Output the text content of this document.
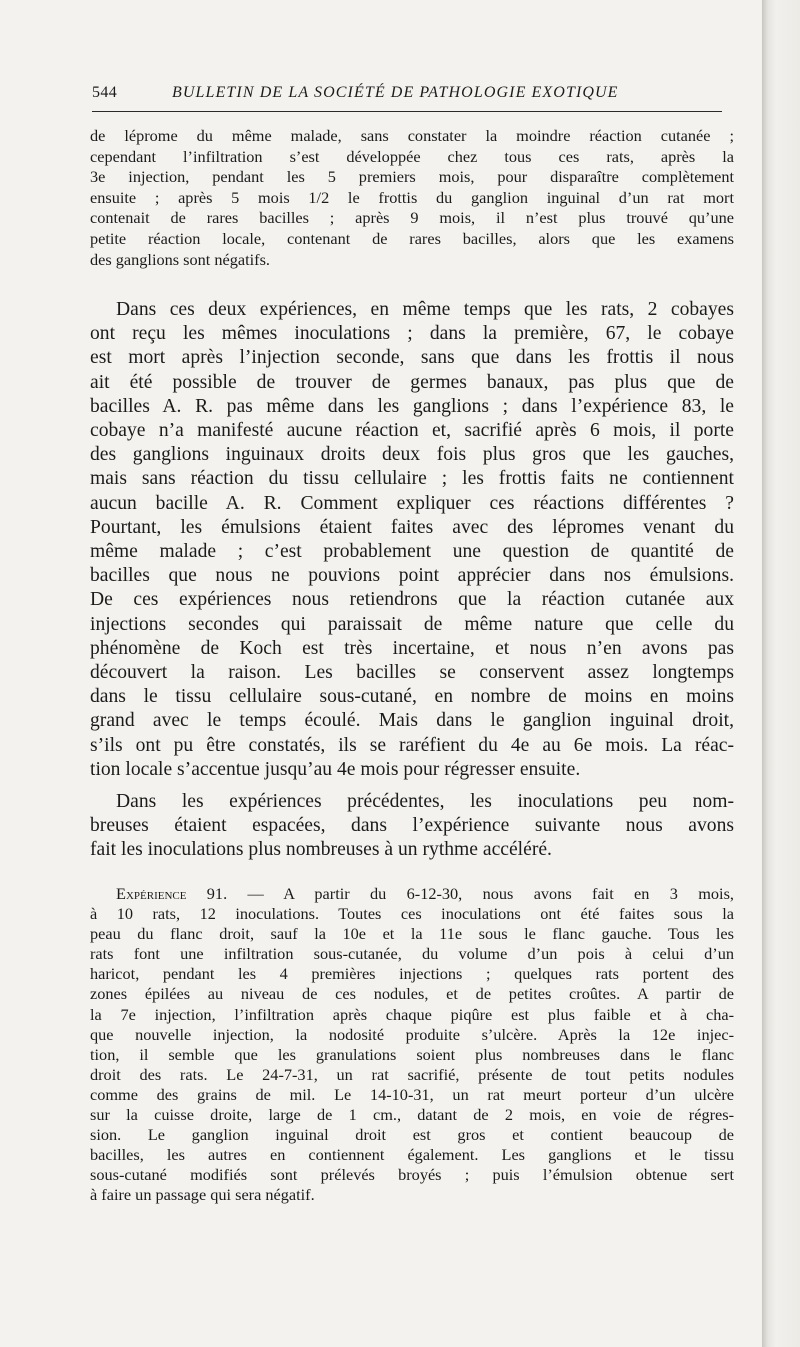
544	BULLETIN DE LA SOCIÉTÉ DE PATHOLOGIE EXOTIQUE
de lépromе du même malade, sans constater la moindre réaction cutanée ;
cependant l’infiltration s’est développée chez tous ces rats, après la
3e injection, pendant les 5 premiers mois, pour disparaître complètement
ensuite ; après 5 mois 1/2 le frottis du ganglion inguinal d’un rat mort
contenait de rares bacilles ; après 9 mois, il n’est plus trouvé qu’une
petite réaction locale, contenant de rares bacilles, alors que les examens
des ganglions sont négatifs.
Dans ces deux expériences, en même temps que les rats, 2 cobayes
ont reçu les mêmes inoculations ; dans la première, 67, le cobaye
est mort après l’injection seconde, sans que dans les frottis il nous
ait été possible de trouver de germes banaux, pas plus que de
bacilles A. R. pas même dans les ganglions ; dans l’expérience 83, le
cobaye n’a manifesté aucune réaction et, sacrifié après 6 mois, il porte
des ganglions inguinaux droits deux fois plus gros que les gauches,
mais sans réaction du tissu cellulaire ; les frottis faits ne contiennent
aucun bacille A. R. Comment expliquer ces réactions différentes ?
Pourtant, les émulsions étaient faites avec des lépromes venant du
même malade ; c’est probablement une question de quantité de
bacilles que nous ne pouvions point apprécier dans nos émulsions.
De ces expériences nous retiendrons que la réaction cutanée aux
injections secondes qui paraissait de même nature que celle du
phénomène de Koch est très incertaine, et nous n’en avons pas
découvert la raison. Les bacilles se conservent assez longtemps
dans le tissu cellulaire sous-cutané, en nombre de moins en moins
grand avec le temps écoulé. Mais dans le ganglion inguinal droit,
s’ils ont pu être constatés, ils se raréfient du 4e au 6e mois. La réac-
tion locale s’accentue jusqu’au 4e mois pour régresser ensuite.
Dans les expériences précédentes, les inoculations peu nom-
breuses étaient espacées, dans l’expérience suivante nous avons
fait les inoculations plus nombreuses à un rythme accéléré.
Expérience 91. — A partir du 6-12-30, nous avons fait en 3 mois,
à 10 rats, 12 inoculations. Toutes ces inoculations ont été faites sous la
peau du flanc droit, sauf la 10e et la 11e sous le flanc gauche. Tous les
rats font une infiltration sous-cutanée, du volume d’un pois à celui d’un
haricot, pendant les 4 premières injections ; quelques rats portent des
zones épilées au niveau de ces nodules, et de petites croûtes. A partir de
la 7e injection, l’infiltration après chaque piqûre est plus faible et à cha-
que nouvelle injection, la nodosité produite s’ulcère. Après la 12e injec-
tion, il semble que les granulations soient plus nombreuses dans le flanc
droit des rats. Le 24-7-31, un rat sacrifié, présente de tout petits nodules
comme des grains de mil. Le 14-10-31, un rat meurt porteur d’un ulcère
sur la cuisse droite, large de 1 cm., datant de 2 mois, en voie de régres-
sion. Le ganglion inguinal droit est gros et contient beaucoup de
bacilles, les autres en contiennent également. Les ganglions et le tissu
sous-cutané modifiés sont prélevés broyés ; puis l’émulsion obtenue sert
à faire un passage qui sera négatif.
